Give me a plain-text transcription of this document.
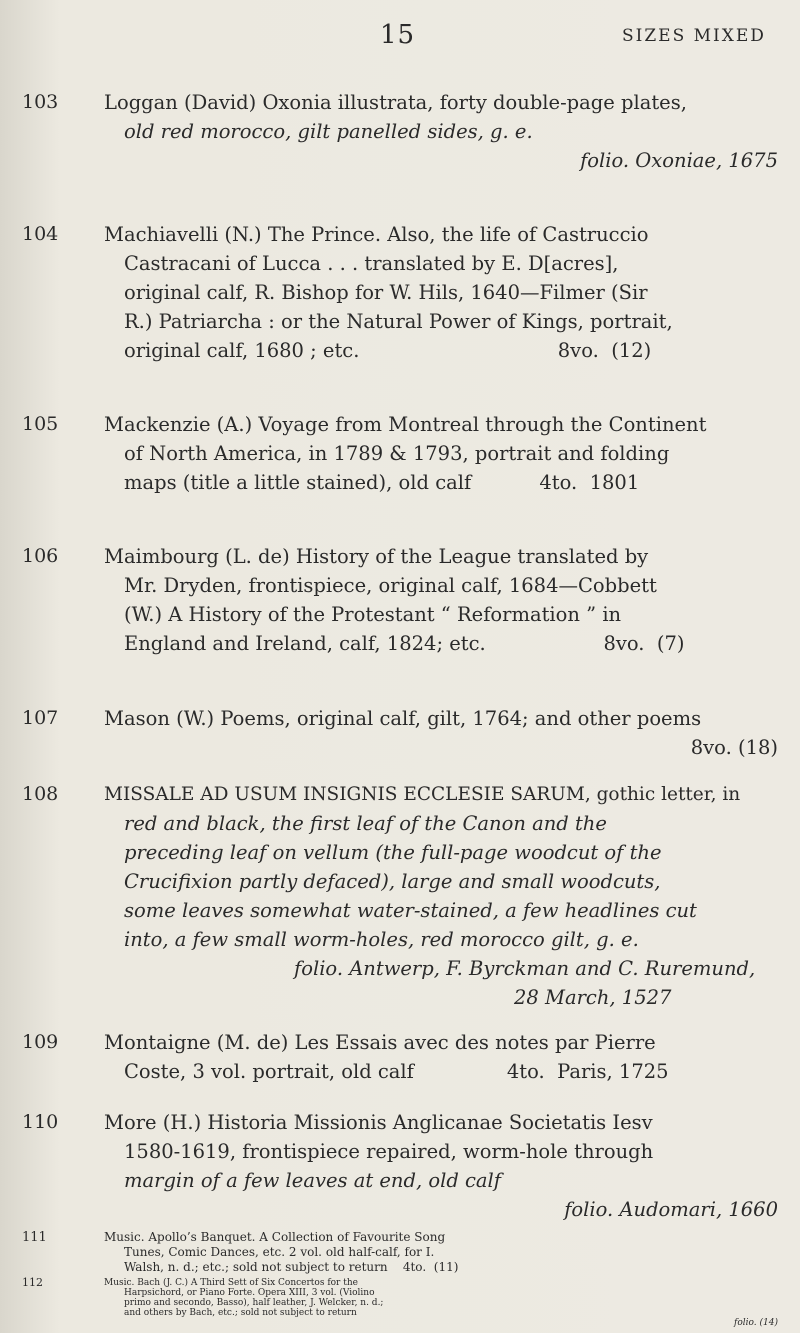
15	SIZES MIXED
103	Loggan (David) Oxonia illustrata, forty double-page plates,
old red morocco, gilt panelled sides, g. e.
folio. Oxoniae, 1675
104	Machiavelli (N.) The Prince. Also, the life of Castruccio
Castracani of Lucca . . . translated by E. D[acres],
original calf, R. Bishop for W. Hils, 1640—Filmer (Sir
R.) Patriarcha : or the Natural Power of Kings, portrait,
original calf, 1680 ; etc.                                8vo.  (12)
105	Mackenzie (A.) Voyage from Montreal through the Continent
of North America, in 1789 & 1793, portrait and folding
maps (title a little stained), old calf           4to.  1801
106	Maimbourg (L. de) History of the League translated by
Mr. Dryden, frontispiece, original calf, 1684—Cobbett
(W.) A History of the Protestant “ Reformation ” in
England and Ireland, calf, 1824; etc.                   8vo.  (7)
107	Mason (W.) Poems, original calf, gilt, 1764; and other poems
8vo. (18)
108	MISSALE AD USUM INSIGNIS ECCLESIE SARUM, gothic letter, in
red and black, the first leaf of the Canon and the
preceding leaf on vellum (the full-page woodcut of the
Crucifixion partly defaced), large and small woodcuts,
some leaves somewhat water-stained, a few headlines cut
into, a few small worm-holes, red morocco gilt, g. e.
folio. Antwerp, F. Byrckman and C. Ruremund,
28 March, 1527
109	Montaigne (M. de) Les Essais avec des notes par Pierre
Coste, 3 vol. portrait, old calf               4to.  Paris, 1725
110	More (H.) Historia Missionis Anglicanae Societatis Iesv
1580-1619, frontispiece repaired, worm-hole through
margin of a few leaves at end, old calf
folio. Audomari, 1660
111	Music. Apollo’s Banquet. A Collection of Favourite Song
Tunes, Comic Dances, etc. 2 vol. old half-calf, for I.
Walsh, n. d.; etc.; sold not subject to return    4to.  (11)
112	Music. Bach (J. C.) A Third Sett of Six Concertos for the
Harpsichord, or Piano Forte. Opera XIII, 3 vol. (Violino
primo and secondo, Basso), half leather, J. Welcker, n. d.;
and others by Bach, etc.; sold not subject to return
folio. (14)
